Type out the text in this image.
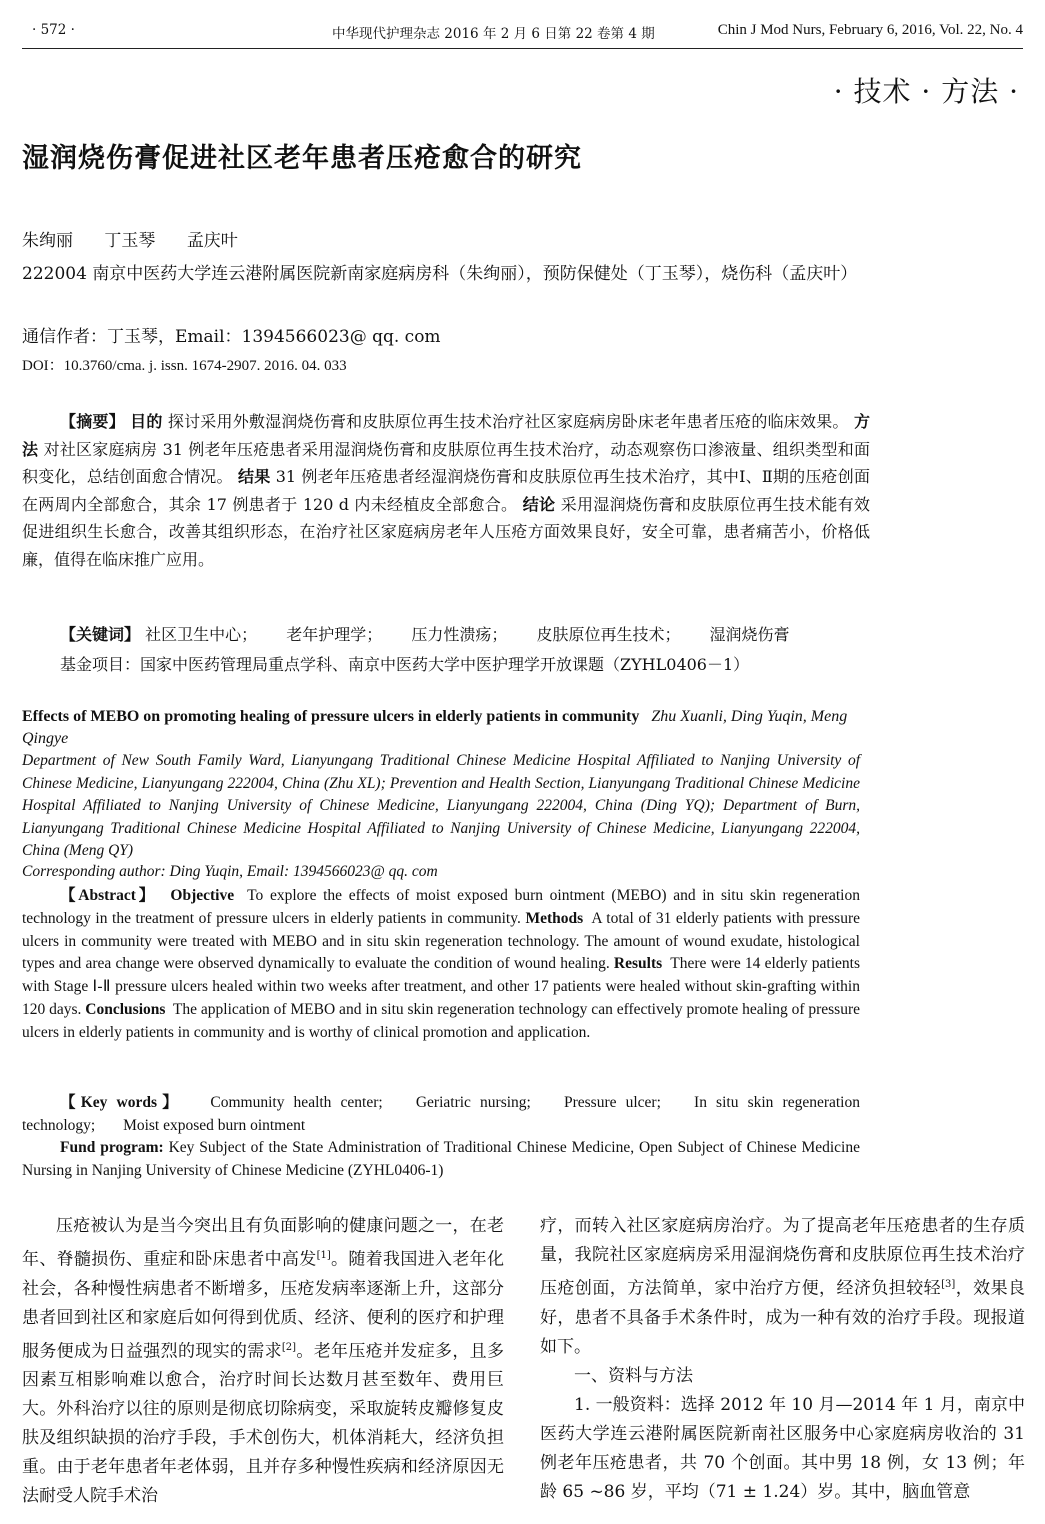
· 572 ·	中华现代护理杂志 2016 年 2 月 6 日第 22 卷第 4 期	Chin J Mod Nurs, February 6, 2016, Vol. 22, No. 4
· 技术 · 方法 ·
湿润烧伤膏促进社区老年患者压疮愈合的研究
朱绚丽 丁玉琴 孟庆叶
222004 南京中医药大学连云港附属医院新南家庭病房科（朱绚丽），预防保健处（丁玉琴），烧伤科（孟庆叶）
通信作者：丁玉琴，Email：1394566023@ qq. com
DOI：10.3760/cma. j. issn. 1674-2907. 2016. 04. 033
【摘要】 目的 探讨采用外敷湿润烧伤膏和皮肤原位再生技术治疗社区家庭病房卧床老年患者压疮的临床效果。 方法 对社区家庭病房 31 例老年压疮患者采用湿润烧伤膏和皮肤原位再生技术治疗，动态观察伤口渗液量、组织类型和面积变化，总结创面愈合情况。 结果 31 例老年压疮患者经湿润烧伤膏和皮肤原位再生技术治疗，其中Ⅰ、Ⅱ期的压疮创面在两周内全部愈合，其余 17 例患者于 120 d 内未经植皮全部愈合。 结论 采用湿润烧伤膏和皮肤原位再生技术能有效促进组织生长愈合，改善其组织形态，在治疗社区家庭病房老年人压疮方面效果良好，安全可靠，患者痛苦小，价格低廉，值得在临床推广应用。
【关键词】 社区卫生中心； 老年护理学； 压力性溃疡； 皮肤原位再生技术； 湿润烧伤膏
基金项目：国家中医药管理局重点学科、南京中医药大学中医护理学开放课题（ZYHL0406－1）
Effects of MEBO on promoting healing of pressure ulcers in elderly patients in community Zhu Xuanli, Ding Yuqin, Meng Qingye
Department of New South Family Ward, Lianyungang Traditional Chinese Medicine Hospital Affiliated to Nanjing University of Chinese Medicine, Lianyungang 222004, China (Zhu XL); Prevention and Health Section, Lianyungang Traditional Chinese Medicine Hospital Affiliated to Nanjing University of Chinese Medicine, Lianyungang 222004, China (Ding YQ); Department of Burn, Lianyungang Traditional Chinese Medicine Hospital Affiliated to Nanjing University of Chinese Medicine, Lianyungang 222004, China (Meng QY)
Corresponding author: Ding Yuqin, Email: 1394566023@ qq. com
【Abstract】 Objective To explore the effects of moist exposed burn ointment (MEBO) and in situ skin regeneration technology in the treatment of pressure ulcers in elderly patients in community. Methods A total of 31 elderly patients with pressure ulcers in community were treated with MEBO and in situ skin regeneration technology. The amount of wound exudate, histological types and area change were observed dynamically to evaluate the condition of wound healing. Results There were 14 elderly patients with Stage Ⅰ-Ⅱ pressure ulcers healed within two weeks after treatment, and other 17 patients were healed without skin-grafting within 120 days. Conclusions The application of MEBO and in situ skin regeneration technology can effectively promote healing of pressure ulcers in elderly patients in community and is worthy of clinical promotion and application.
【Key words】 Community health center; Geriatric nursing; Pressure ulcer; In situ skin regeneration technology; Moist exposed burn ointment
Fund program: Key Subject of the State Administration of Traditional Chinese Medicine, Open Subject of Chinese Medicine Nursing in Nanjing University of Chinese Medicine (ZYHL0406-1)

压疮被认为是当今突出且有负面影响的健康问题之一，在老年、脊髓损伤、重症和卧床患者中高发[1]。随着我国进入老年化社会，各种慢性病患者不断增多，压疮发病率逐渐上升，这部分患者回到社区和家庭后如何得到优质、经济、便利的医疗和护理服务便成为日益强烈的现实的需求[2]。老年压疮并发症多，且多因素互相影响难以愈合，治疗时间长达数月甚至数年、费用巨大。外科治疗以往的原则是彻底切除病变，采取旋转皮瓣修复皮肤及组织缺损的治疗手段，手术创伤大，机体消耗大，经济负担重。由于老年患者年老体弱，且并存多种慢性疾病和经济原因无法耐受人院手术治

疗，而转入社区家庭病房治疗。为了提高老年压疮患者的生存质量，我院社区家庭病房采用湿润烧伤膏和皮肤原位再生技术治疗压疮创面，方法简单，家中治疗方便，经济负担较轻[3]，效果良好，患者不具备手术条件时，成为一种有效的治疗手段。现报道如下。

一、资料与方法

1. 一般资料：选择 2012 年 10 月—2014 年 1 月，南京中医药大学连云港附属医院新南社区服务中心家庭病房收治的 31 例老年压疮患者，共 70 个创面。其中男 18 例，女 13 例；年龄 65 ~86 岁，平均（71 ± 1.24）岁。其中，脑血管意
